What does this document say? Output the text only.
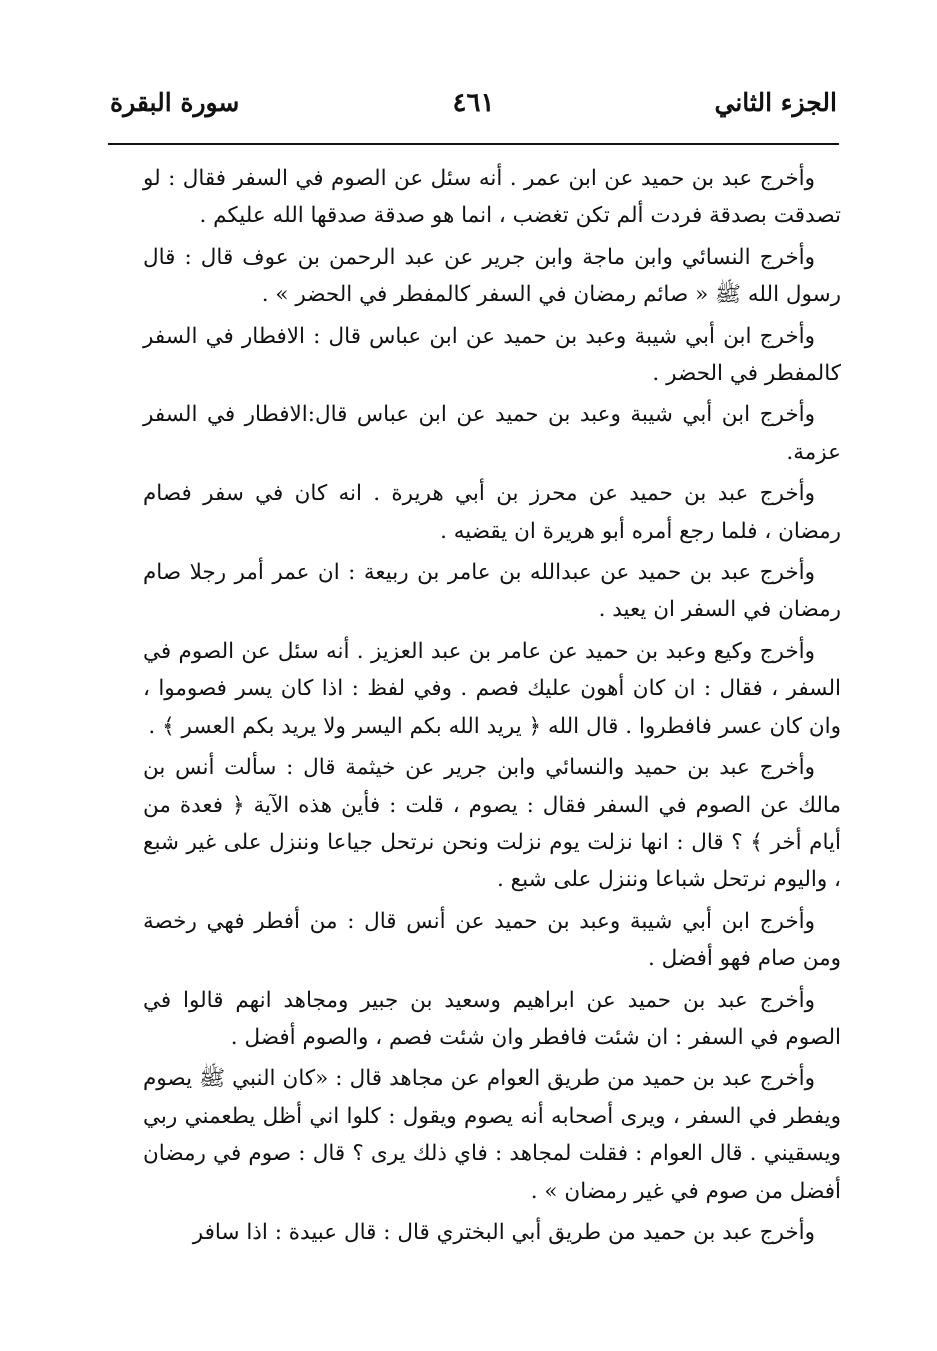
الجزء الثاني
٤٦١
سورة البقرة

وأخرج عبد بن حميد عن ابن عمر . أنه سئل عن الصوم في السفر فقال : لو تصدقت بصدقة فردت ألم تكن تغضب ، انما هو صدقة صدقها الله عليكم .

وأخرج النسائي وابن ماجة وابن جرير عن عبد الرحمن بن عوف قال : قال رسول الله ﷺ « صائم رمضان في السفر كالمفطر في الحضر » .

وأخرج ابن أبي شيبة وعبد بن حميد عن ابن عباس قال : الافطار في السفر كالمفطر في الحضر .

وأخرج ابن أبي شيبة وعبد بن حميد عن ابن عباس قال:الافطار في السفر عزمة.

وأخرج عبد بن حميد عن محرز بن أبي هريرة . انه كان في سفر فصام رمضان ، فلما رجع أمره أبو هريرة ان يقضيه .

وأخرج عبد بن حميد عن عبدالله بن عامر بن ربيعة : ان عمر أمر رجلا صام رمضان في السفر ان يعيد .

وأخرج وكيع وعبد بن حميد عن عامر بن عبد العزيز . أنه سئل عن الصوم في السفر ، فقال : ان كان أهون عليك فصم . وفي لفظ : اذا كان يسر فصوموا ، وان كان عسر فافطروا . قال الله ﴿ يريد الله بكم اليسر ولا يريد بكم العسر ﴾ .

وأخرج عبد بن حميد والنسائي وابن جرير عن خيثمة قال : سألت أنس بن مالك عن الصوم في السفر فقال : يصوم ، قلت : فأين هذه الآية ﴿ فعدة من أيام أخر ﴾ ؟ قال : انها نزلت يوم نزلت ونحن نرتحل جياعا وننزل على غير شبع ، واليوم نرتحل شباعا وننزل على شبع .

وأخرج ابن أبي شيبة وعبد بن حميد عن أنس قال : من أفطر فهي رخصة ومن صام فهو أفضل .

وأخرج عبد بن حميد عن ابراهيم وسعيد بن جبير ومجاهد انهم قالوا في الصوم في السفر : ان شئت فافطر وان شئت فصم ، والصوم أفضل .

وأخرج عبد بن حميد من طريق العوام عن مجاهد قال : «كان النبي ﷺ يصوم ويفطر في السفر ، ويرى أصحابه أنه يصوم ويقول : كلوا اني أظل يطعمني ربي ويسقيني . قال العوام : فقلت لمجاهد : فاي ذلك يرى ؟ قال : صوم في رمضان أفضل من صوم في غير رمضان » .

وأخرج عبد بن حميد من طريق أبي البختري قال : قال عبيدة : اذا سافر
